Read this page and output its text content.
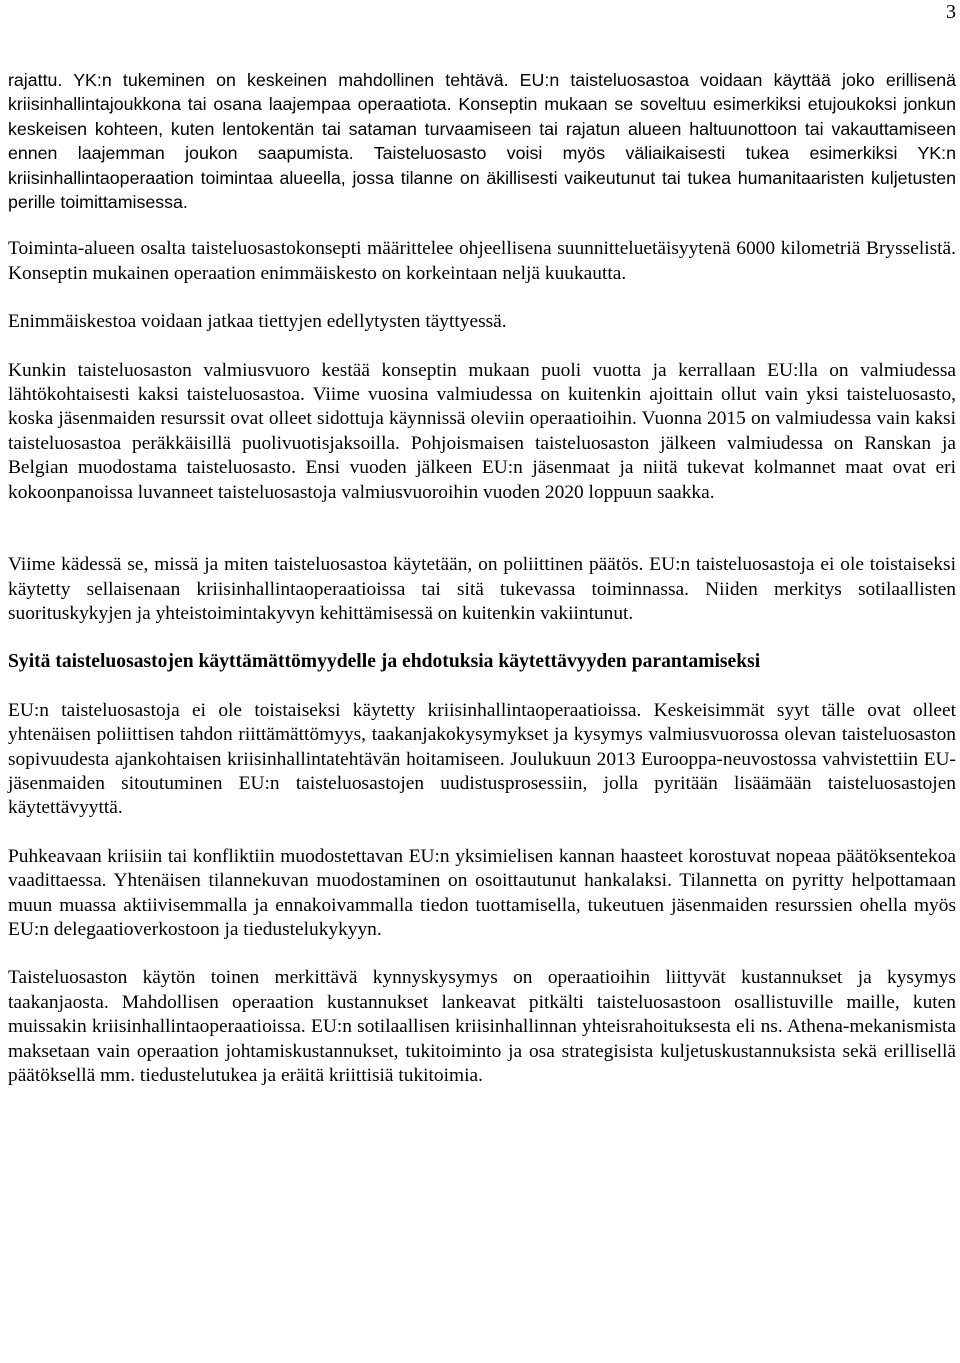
3

rajattu. YK:n tukeminen on keskeinen mahdollinen tehtävä. EU:n taisteluosastoa voidaan käyttää joko erillisenä kriisinhallintajoukkona tai osana laajempaa operaatiota. Konseptin mukaan se soveltuu esimerkiksi etujoukoksi jonkun keskeisen kohteen, kuten lentokentän tai sataman turvaamiseen tai rajatun alueen haltuunottoon tai vakauttamiseen ennen laajemman joukon saapumista. Taisteluosasto voisi myös väliaikaisesti tukea esimerkiksi YK:n kriisinhallintaoperaation toimintaa alueella, jossa tilanne on äkillisesti vaikeutunut tai tukea humanitaaristen kuljetusten perille toimittamisessa.

Toiminta-alueen osalta taisteluosastokonsepti määrittelee ohjeellisena suunnitteluetäisyytenä 6000 kilometriä Brysselistä. Konseptin mukainen operaation enimmäiskesto on korkeintaan neljä kuukautta.

Enimmäiskestoa voidaan jatkaa tiettyjen edellytysten täyttyessä.

Kunkin taisteluosaston valmiusvuoro kestää konseptin mukaan puoli vuotta ja kerrallaan EU:lla on valmiudessa lähtökohtaisesti kaksi taisteluosastoa. Viime vuosina valmiudessa on kuitenkin ajoittain ollut vain yksi taisteluosasto, koska jäsenmaiden resurssit ovat olleet sidottuja käynnissä oleviin operaatioihin. Vuonna 2015 on valmiudessa vain kaksi taisteluosastoa peräkkäisillä puolivuotisjaksoilla. Pohjoismaisen taisteluosaston jälkeen valmiudessa on Ranskan ja Belgian muodostama taisteluosasto. Ensi vuoden jälkeen EU:n jäsenmaat ja niitä tukevat kolmannet maat ovat eri kokoonpanoissa luvanneet taisteluosastoja valmiusvuoroihin vuoden 2020 loppuun saakka.

Viime kädessä se, missä ja miten taisteluosastoa käytetään, on poliittinen päätös. EU:n taisteluosastoja ei ole toistaiseksi käytetty sellaisenaan kriisinhallintaoperaatioissa tai sitä tukevassa toiminnassa. Niiden merkitys sotilaallisten suorituskykyjen ja yhteistoimintakyvyn kehittämisessä on kuitenkin vakiintunut.

Syitä taisteluosastojen käyttämättömyydelle ja ehdotuksia käytettävyyden parantamiseksi

EU:n taisteluosastoja ei ole toistaiseksi käytetty kriisinhallintaoperaatioissa. Keskeisimmät syyt tälle ovat olleet yhtenäisen poliittisen tahdon riittämättömyys, taakanjakokysymykset ja kysymys valmiusvuorossa olevan taisteluosaston sopivuudesta ajankohtaisen kriisinhallintatehtävän hoitamiseen. Joulukuun 2013 Eurooppa-neuvostossa vahvistettiin EU-jäsenmaiden sitoutuminen EU:n taisteluosastojen uudistusprosessiin, jolla pyritään lisäämään taisteluosastojen käytettävyyttä.

Puhkeavaan kriisiin tai konfliktiin muodostettavan EU:n yksimielisen kannan haasteet korostuvat nopeaa päätöksentekoa vaadittaessa. Yhtenäisen tilannekuvan muodostaminen on osoittautunut hankalaksi. Tilannetta on pyritty helpottamaan muun muassa aktiivisemmalla ja ennakoivammalla tiedon tuottamisella, tukeutuen jäsenmaiden resurssien ohella myös EU:n delegaatioverkostoon ja tiedustelukykyyn.

Taisteluosaston käytön toinen merkittävä kynnyskysymys on operaatioihin liittyvät kustannukset ja kysymys taakanjaosta. Mahdollisen operaation kustannukset lankeavat pitkälti taisteluosastoon osallistuville maille, kuten muissakin kriisinhallintaoperaatioissa. EU:n sotilaallisen kriisinhallinnan yhteisrahoituksesta eli ns. Athena-mekanismista maksetaan vain operaation johtamiskustannukset, tukitoiminto ja osa strategisista kuljetuskustannuksista sekä erillisellä päätöksellä mm. tiedustelutukea ja eräitä kriittisiä tukitoimia.
